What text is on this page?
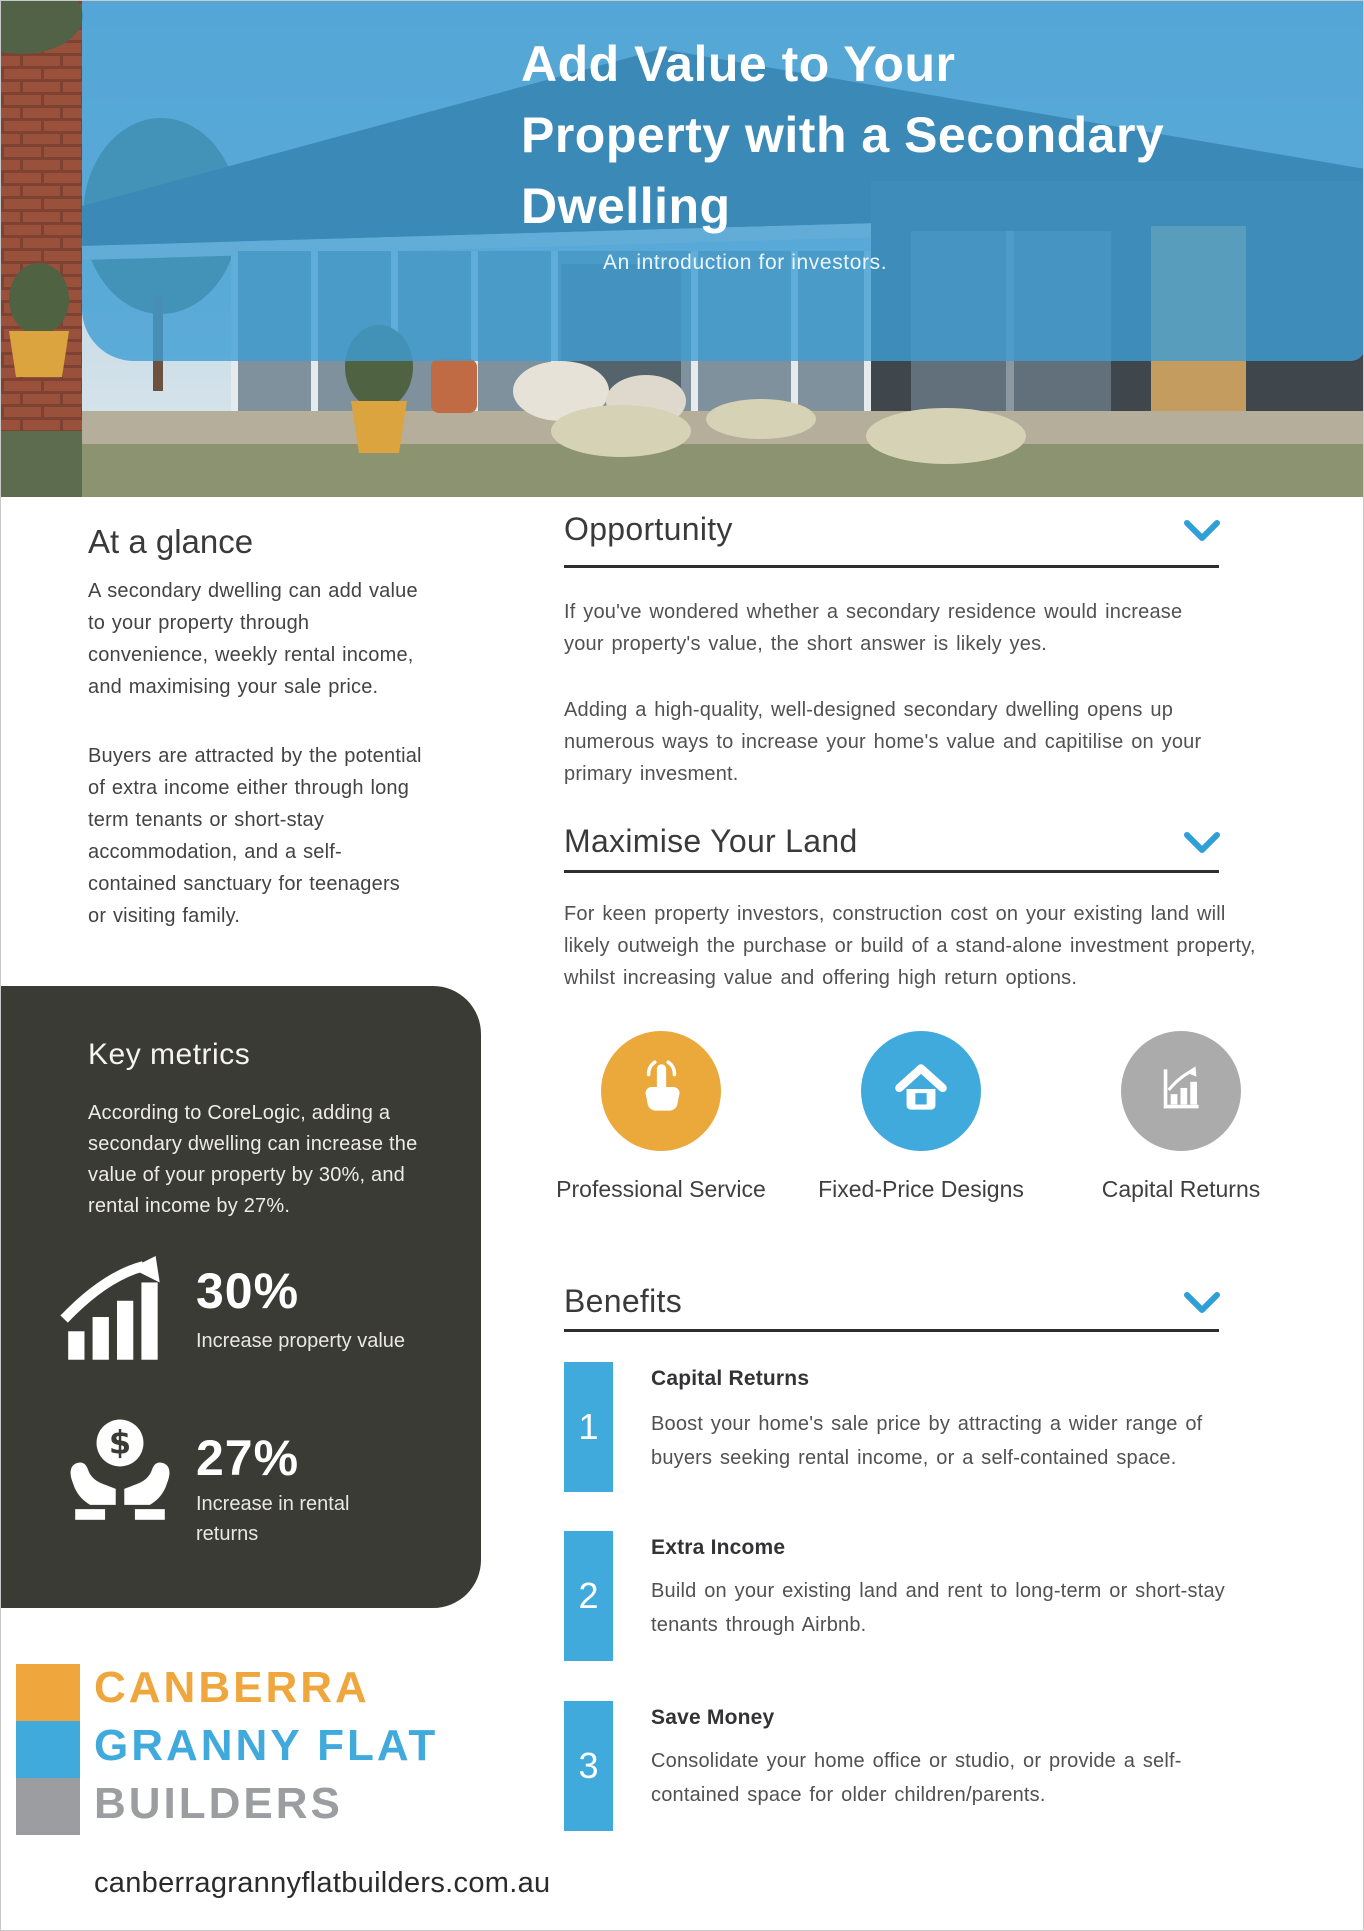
Add Value to Your
Property with a Secondary
Dwelling
An introduction for investors.
At a glance

A secondary dwelling can add value to your property through convenience, weekly rental income, and maximising your sale price.

Buyers are attracted by the potential of extra income either through long term tenants or short-stay accommodation, and a self-contained sanctuary for teenagers or visiting family.

Opportunity

If you've wondered whether a secondary residence would increase your property's value, the short answer is likely yes.

Adding a high-quality, well-designed secondary dwelling opens up numerous ways to increase your home's value and capitilise on your primary invesment.

Maximise Your Land

For keen property investors, construction cost on your existing land will likely outweigh the purchase or build of a stand-alone investment property, whilst increasing value and offering high return options.

Professional Service	Fixed-Price Designs	Capital Returns
Key metrics

According to CoreLogic, adding a secondary dwelling can increase the value of your property by 30%, and rental income by 27%.

30%
Increase property value
$ 27%
Increase in rental returns
Benefits
1
Capital Returns

Boost your home's sale price by attracting a wider range of buyers seeking rental income, or a self-contained space.

2
Extra Income

Build on your existing land and rent to long-term or short-stay tenants through Airbnb.

3
Save Money

Consolidate your home office or studio, or provide a self-contained space for older children/parents.

CANBERRA
GRANNY FLAT
BUILDERS
canberragrannyflatbuilders.com.au
